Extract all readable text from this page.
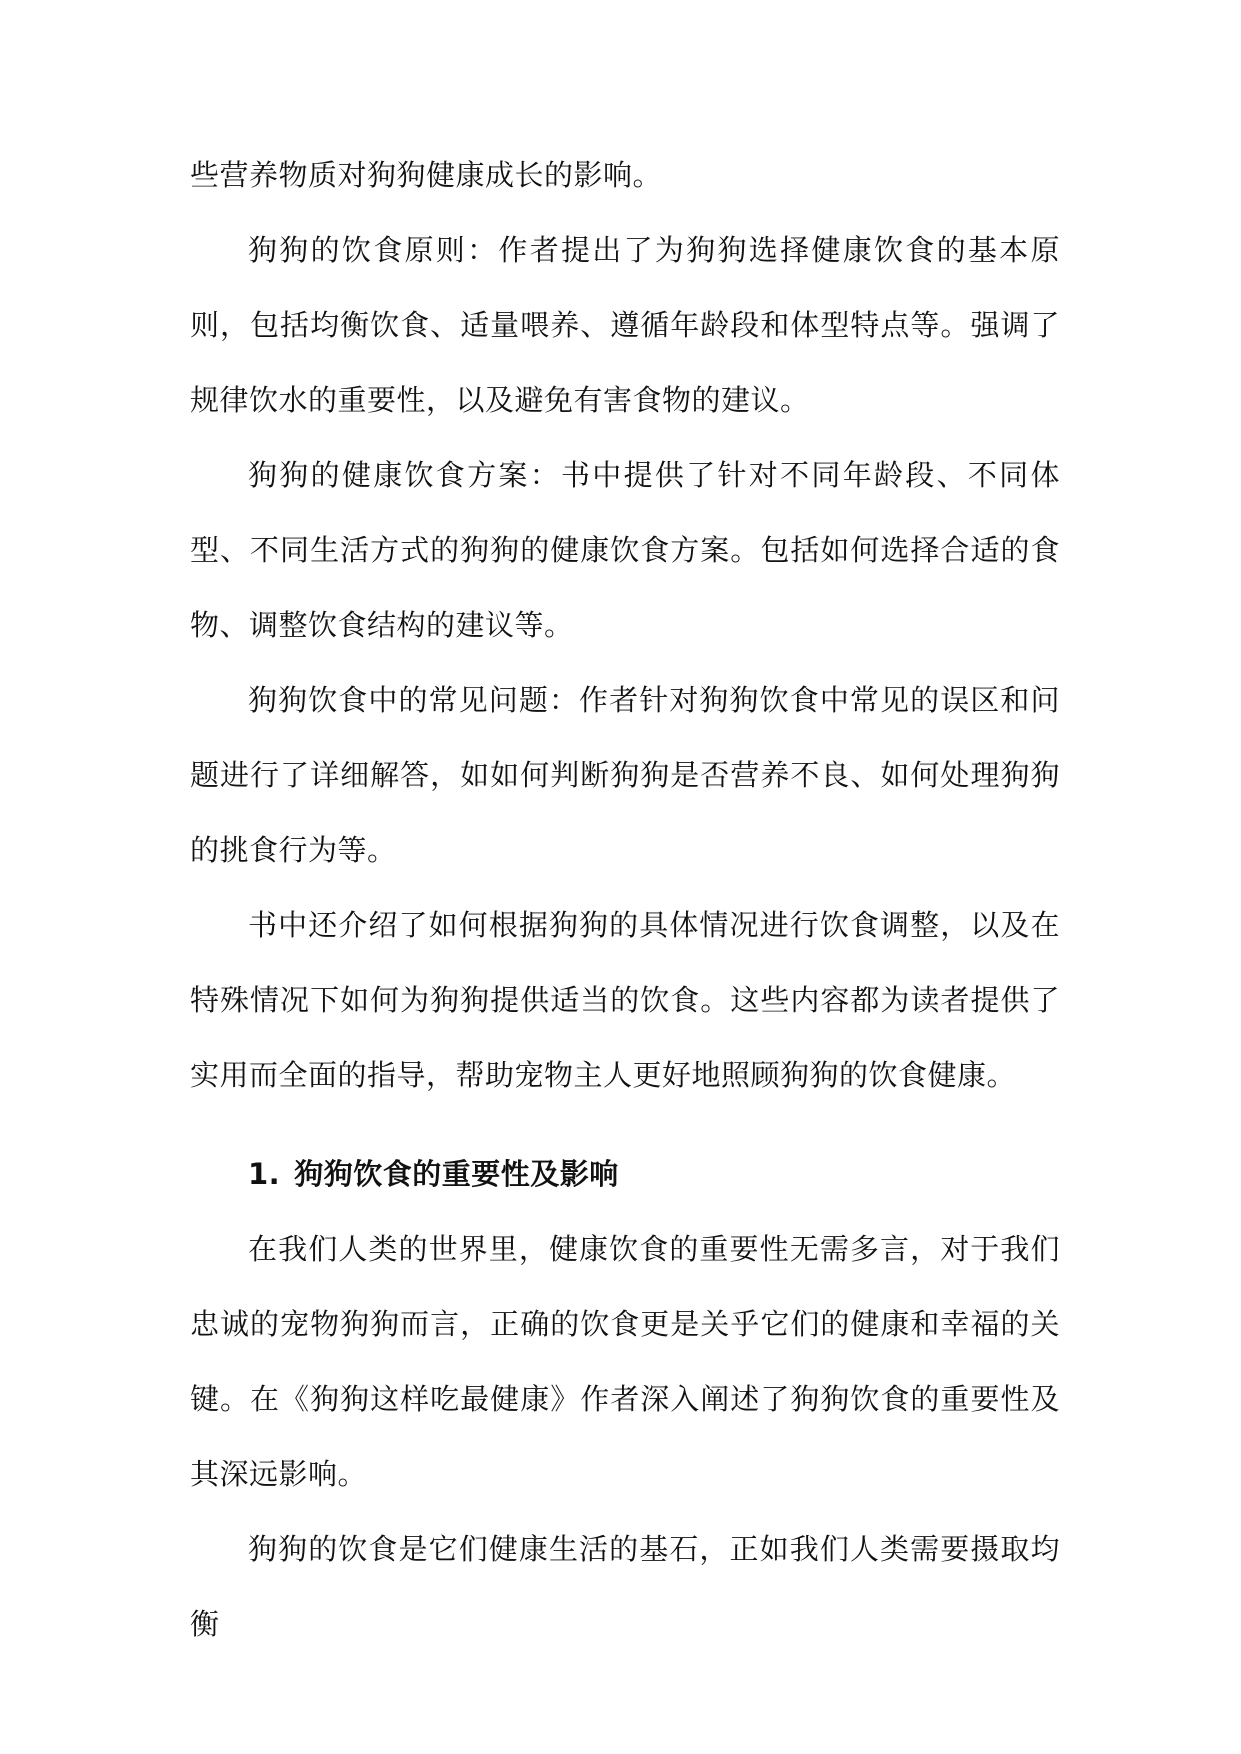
些营养物质对狗狗健康成长的影响。

狗狗的饮食原则：作者提出了为狗狗选择健康饮食的基本原则，包括均衡饮食、适量喂养、遵循年龄段和体型特点等。强调了规律饮水的重要性，以及避免有害食物的建议。

狗狗的健康饮食方案：书中提供了针对不同年龄段、不同体型、不同生活方式的狗狗的健康饮食方案。包括如何选择合适的食物、调整饮食结构的建议等。

狗狗饮食中的常见问题：作者针对狗狗饮食中常见的误区和问题进行了详细解答，如如何判断狗狗是否营养不良、如何处理狗狗的挑食行为等。

书中还介绍了如何根据狗狗的具体情况进行饮食调整，以及在特殊情况下如何为狗狗提供适当的饮食。这些内容都为读者提供了实用而全面的指导，帮助宠物主人更好地照顾狗狗的饮食健康。

1. 狗狗饮食的重要性及影响

在我们人类的世界里，健康饮食的重要性无需多言，对于我们忠诚的宠物狗狗而言，正确的饮食更是关乎它们的健康和幸福的关键。在《狗狗这样吃最健康》作者深入阐述了狗狗饮食的重要性及其深远影响。

狗狗的饮食是它们健康生活的基石，正如我们人类需要摄取均衡
